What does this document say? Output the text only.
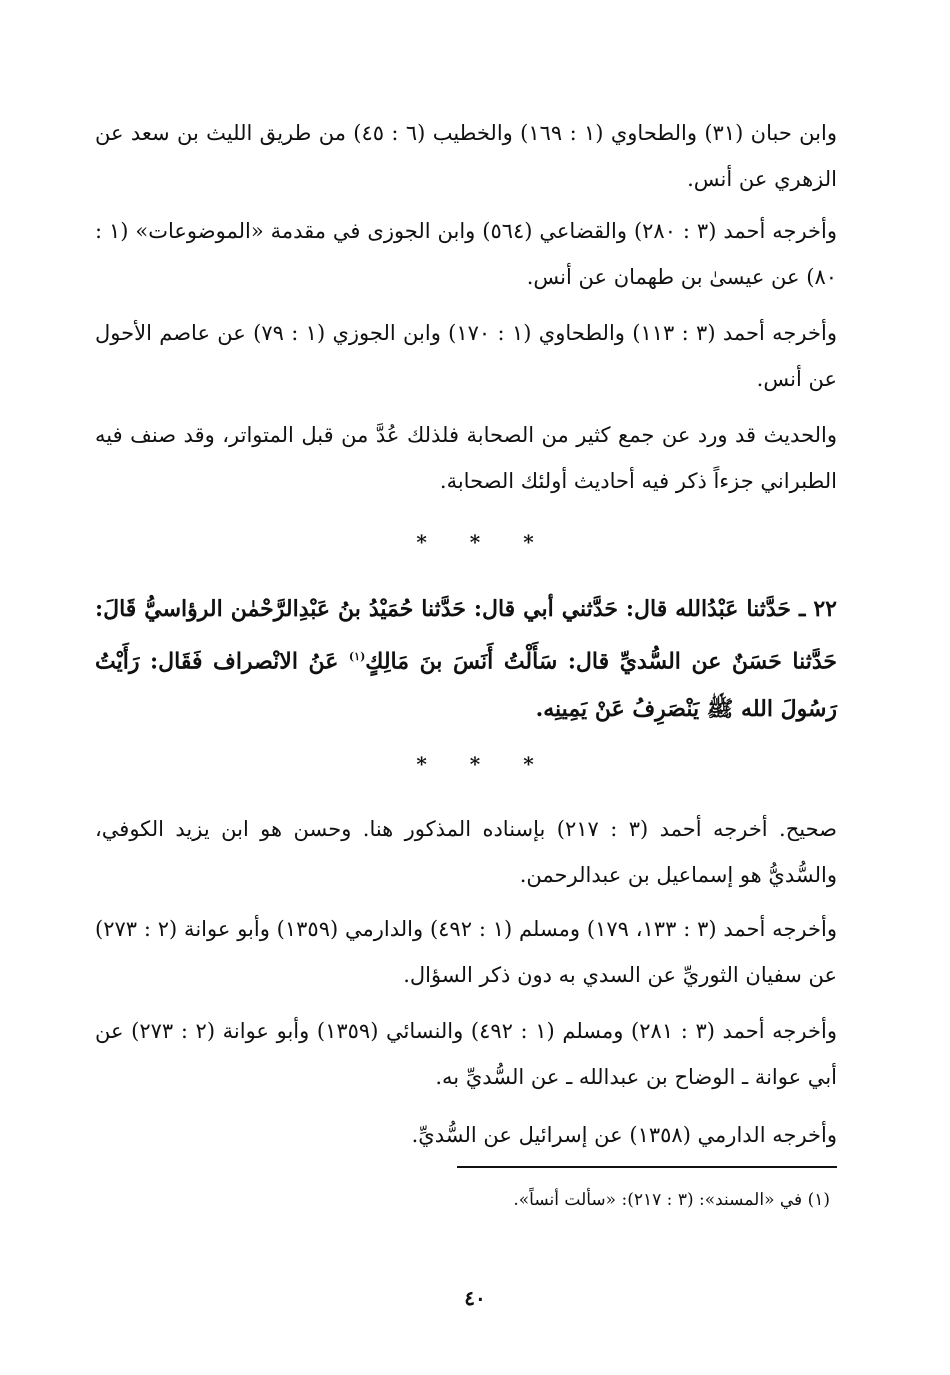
وابن حبان (٣١) والطحاوي (١ : ١٦٩) والخطيب (٦ : ٤٥) من طريق الليث بن سعد عن الزهري عن أنس.

وأخرجه أحمد (٣ : ٢٨٠) والقضاعي (٥٦٤) وابن الجوزى في مقدمة «الموضوعات» (١ : ٨٠) عن عيسىٰ بن طهمان عن أنس.

وأخرجه أحمد (٣ : ١١٣) والطحاوي (١ : ١٧٠) وابن الجوزي (١ : ٧٩) عن عاصم الأحول عن أنس.

والحديث قد ورد عن جمع كثير من الصحابة فلذلك عُدَّ من قبل المتواتر، وقد صنف فيه الطبراني جزءاً ذكر فيه أحاديث أولئك الصحابة.

* * *

٢٢ ـ حَدَّثنا عَبْدُالله قال: حَدَّثني أبي قال: حَدَّثنا حُمَيْدُ بنُ عَبْدِالرَّحْمٰن الرؤاسيُّ قَالَ: حَدَّثنا حَسَنٌ عن السُّديِّ قال: سَأَلْتُ أَنَسَ بنَ مَالِكٍ$^{(١)}$ عَنُ الانْصراف فَقَال: رَأَيْتُ رَسُولَ الله ﷺ يَنْصَرِفُ عَنْ يَمِينِه.

* * *

صحيح. أخرجه أحمد (٣ : ٢١٧) بإسناده المذكور هنا. وحسن هو ابن يزيد الكوفي، والسُّديُّ هو إسماعيل بن عبدالرحمن.

وأخرجه أحمد (٣ : ١٣٣، ١٧٩) ومسلم (١ : ٤٩٢) والدارمي (١٣٥٩) وأبو عوانة (٢ : ٢٧٣) عن سفيان الثوريِّ عن السدي به دون ذكر السؤال.

وأخرجه أحمد (٣ : ٢٨١) ومسلم (١ : ٤٩٢) والنسائي (١٣٥٩) وأبو عوانة (٢ : ٢٧٣) عن أبي عوانة ـ الوضاح بن عبدالله ـ عن السُّديِّ به.

وأخرجه الدارمي (١٣٥٨) عن إسرائيل عن السُّديِّ.

(١) في «المسند»: (٣ : ٢١٧): «سألت أنساً».

٤٠
